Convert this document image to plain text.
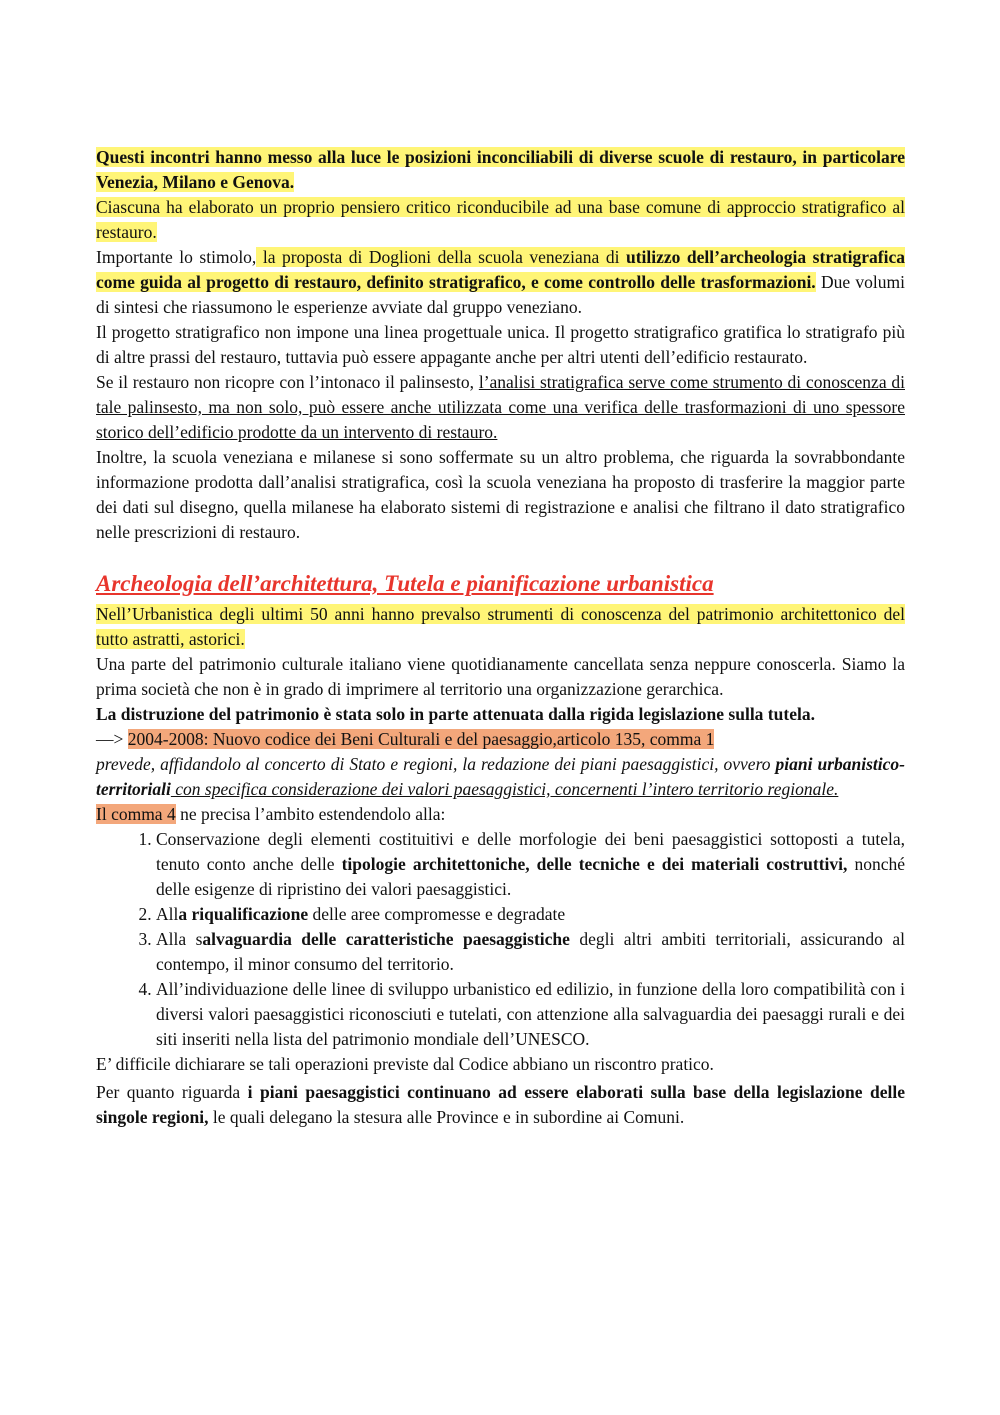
Questi incontri hanno messo alla luce le posizioni inconciliabili di diverse scuole di restauro, in particolare Venezia, Milano e Genova.

Ciascuna ha elaborato un proprio pensiero critico riconducibile ad una base comune di approccio stratigrafico al restauro.

Importante lo stimolo, la proposta di Doglioni della scuola veneziana di utilizzo dell’archeologia stratigrafica come guida al progetto di restauro, definito stratigrafico, e come controllo delle trasformazioni. Due volumi di sintesi che riassumono le esperienze avviate dal gruppo veneziano.

Il progetto stratigrafico non impone una linea progettuale unica. Il progetto stratigrafico gratifica lo stratigrafo più di altre prassi del restauro, tuttavia può essere appagante anche per altri utenti dell’edificio restaurato.

Se il restauro non ricopre con l’intonaco il palinsesto, l’analisi stratigrafica serve come strumento di conoscenza di tale palinsesto, ma non solo, può essere anche utilizzata come una verifica delle trasformazioni di uno spessore storico dell’edificio prodotte da un intervento di restauro.

Inoltre, la scuola veneziana e milanese si sono soffermate su un altro problema, che riguarda la sovrabbondante informazione prodotta dall’analisi stratigrafica, così la scuola veneziana ha proposto di trasferire la maggior parte dei dati sul disegno, quella milanese ha elaborato sistemi di registrazione e analisi che filtrano il dato stratigrafico nelle prescrizioni di restauro.

Archeologia dell’architettura, Tutela e pianificazione urbanistica

Nell’Urbanistica degli ultimi 50 anni hanno prevalso strumenti di conoscenza del patrimonio architettonico del tutto astratti, astorici.

Una parte del patrimonio culturale italiano viene quotidianamente cancellata senza neppure conoscerla. Siamo la prima società che non è in grado di imprimere al territorio una organizzazione gerarchica.

La distruzione del patrimonio è stata solo in parte attenuata dalla rigida legislazione sulla tutela.

—> 2004-2008: Nuovo codice dei Beni Culturali e del paesaggio,articolo 135, comma 1

prevede, affidandolo al concerto di Stato e regioni, la redazione dei piani paesaggistici, ovvero piani urbanistico-territoriali con specifica considerazione dei valori paesaggistici, concernenti l’intero territorio regionale.

Il comma 4 ne precisa l’ambito estendendolo alla:

1. Conservazione degli elementi costituitivi e delle morfologie dei beni paesaggistici sottoposti a tutela, tenuto conto anche delle tipologie architettoniche, delle tecniche e dei materiali costruttivi, nonché delle esigenze di ripristino dei valori paesaggistici.
2. Alla riqualificazione delle aree compromesse e degradate
3. Alla salvaguardia delle caratteristiche paesaggistiche degli altri ambiti territoriali, assicurando al contempo, il minor consumo del territorio.
4. All’individuazione delle linee di sviluppo urbanistico ed edilizio, in funzione della loro compatibilità con i diversi valori paesaggistici riconosciuti e tutelati, con attenzione alla salvaguardia dei paesaggi rurali e dei siti inseriti nella lista del patrimonio mondiale dell’UNESCO.

E’ difficile dichiarare se tali operazioni previste dal Codice abbiano un riscontro pratico.

Per quanto riguarda i piani paesaggistici continuano ad essere elaborati sulla base della legislazione delle singole regioni, le quali delegano la stesura alle Province e in subordine ai Comuni.
